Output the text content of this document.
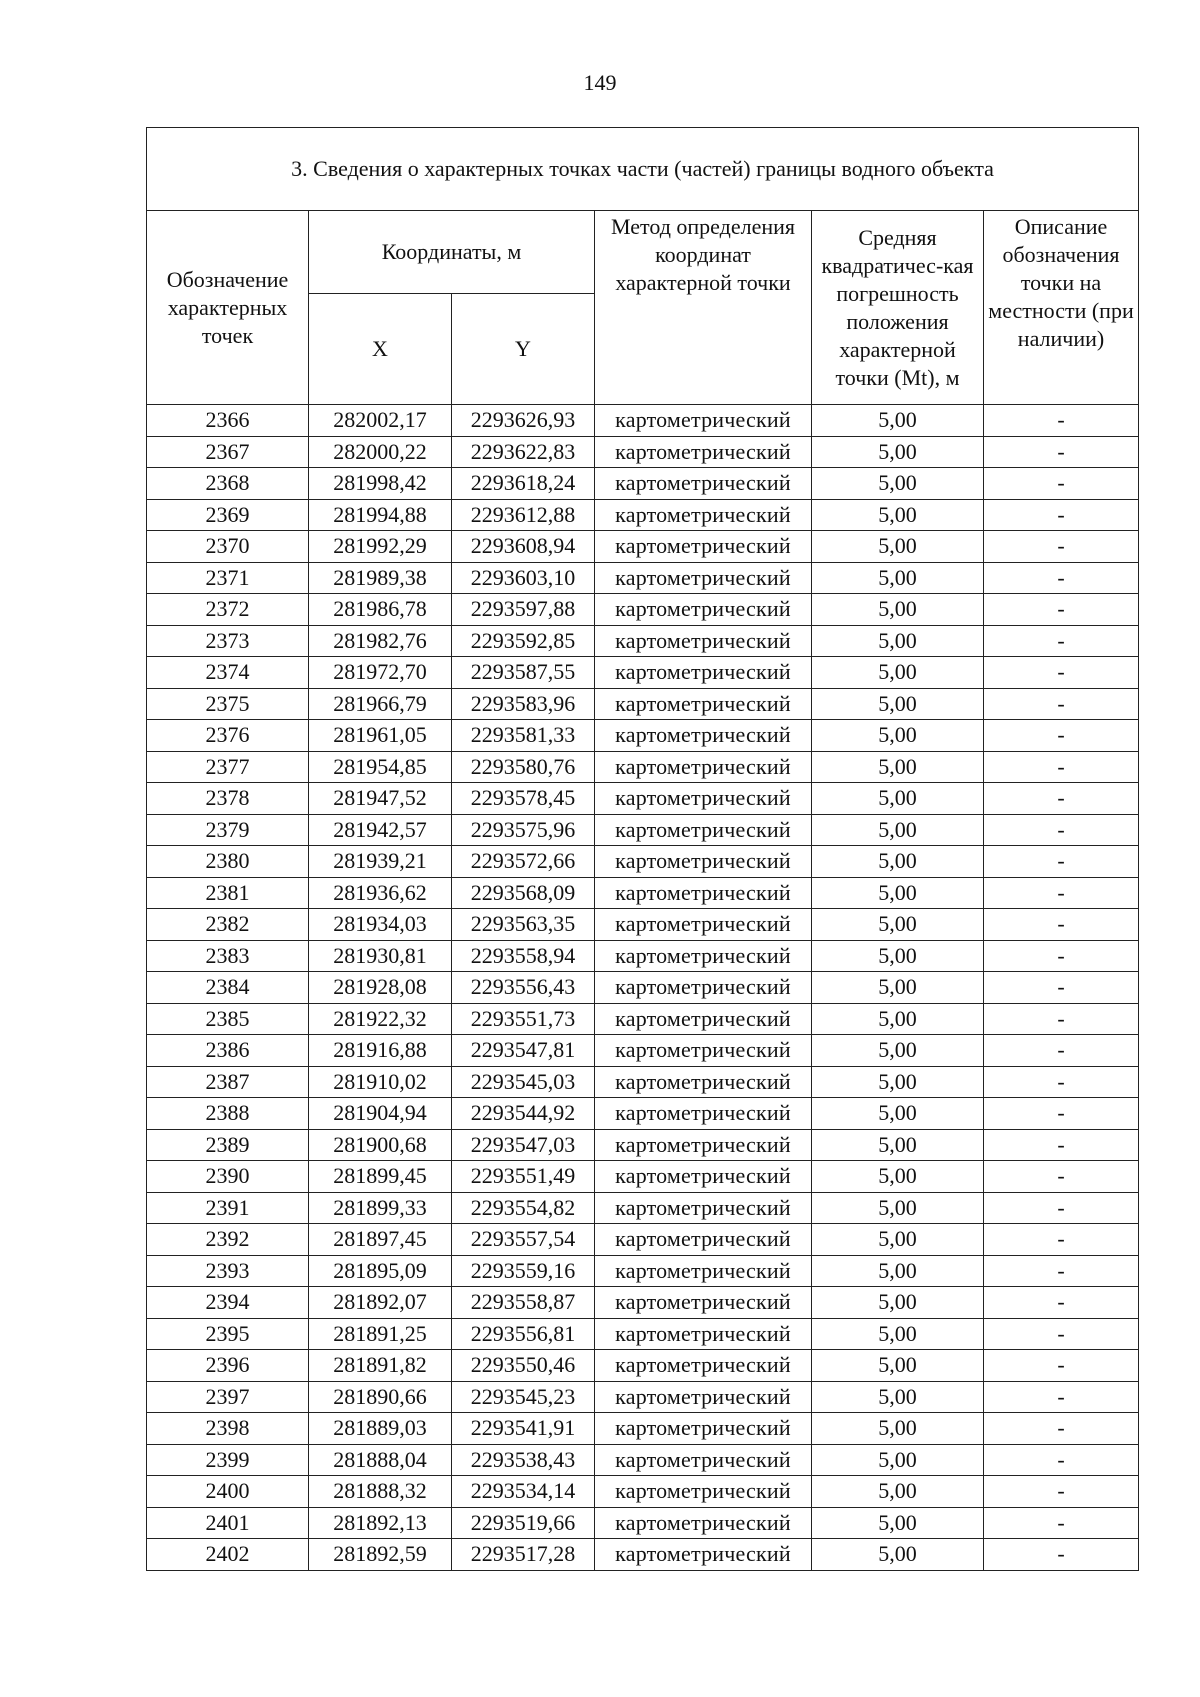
149
3. Сведения о характерных точках части (частей) границы водного объекта					
Обозначение характерных точек	Координаты, м		Метод определения координат характерной точки	Средняя квадратичес-кая погрешность положения характерной точки (Mt), м	Описание обозначения точки на местности (при наличии)
	X	Y			
2366	282002,17	2293626,93	картометрический	5,00	-
2367	282000,22	2293622,83	картометрический	5,00	-
2368	281998,42	2293618,24	картометрический	5,00	-
2369	281994,88	2293612,88	картометрический	5,00	-
2370	281992,29	2293608,94	картометрический	5,00	-
2371	281989,38	2293603,10	картометрический	5,00	-
2372	281986,78	2293597,88	картометрический	5,00	-
2373	281982,76	2293592,85	картометрический	5,00	-
2374	281972,70	2293587,55	картометрический	5,00	-
2375	281966,79	2293583,96	картометрический	5,00	-
2376	281961,05	2293581,33	картометрический	5,00	-
2377	281954,85	2293580,76	картометрический	5,00	-
2378	281947,52	2293578,45	картометрический	5,00	-
2379	281942,57	2293575,96	картометрический	5,00	-
2380	281939,21	2293572,66	картометрический	5,00	-
2381	281936,62	2293568,09	картометрический	5,00	-
2382	281934,03	2293563,35	картометрический	5,00	-
2383	281930,81	2293558,94	картометрический	5,00	-
2384	281928,08	2293556,43	картометрический	5,00	-
2385	281922,32	2293551,73	картометрический	5,00	-
2386	281916,88	2293547,81	картометрический	5,00	-
2387	281910,02	2293545,03	картометрический	5,00	-
2388	281904,94	2293544,92	картометрический	5,00	-
2389	281900,68	2293547,03	картометрический	5,00	-
2390	281899,45	2293551,49	картометрический	5,00	-
2391	281899,33	2293554,82	картометрический	5,00	-
2392	281897,45	2293557,54	картометрический	5,00	-
2393	281895,09	2293559,16	картометрический	5,00	-
2394	281892,07	2293558,87	картометрический	5,00	-
2395	281891,25	2293556,81	картометрический	5,00	-
2396	281891,82	2293550,46	картометрический	5,00	-
2397	281890,66	2293545,23	картометрический	5,00	-
2398	281889,03	2293541,91	картометрический	5,00	-
2399	281888,04	2293538,43	картометрический	5,00	-
2400	281888,32	2293534,14	картометрический	5,00	-
2401	281892,13	2293519,66	картометрический	5,00	-
2402	281892,59	2293517,28	картометрический	5,00	-
